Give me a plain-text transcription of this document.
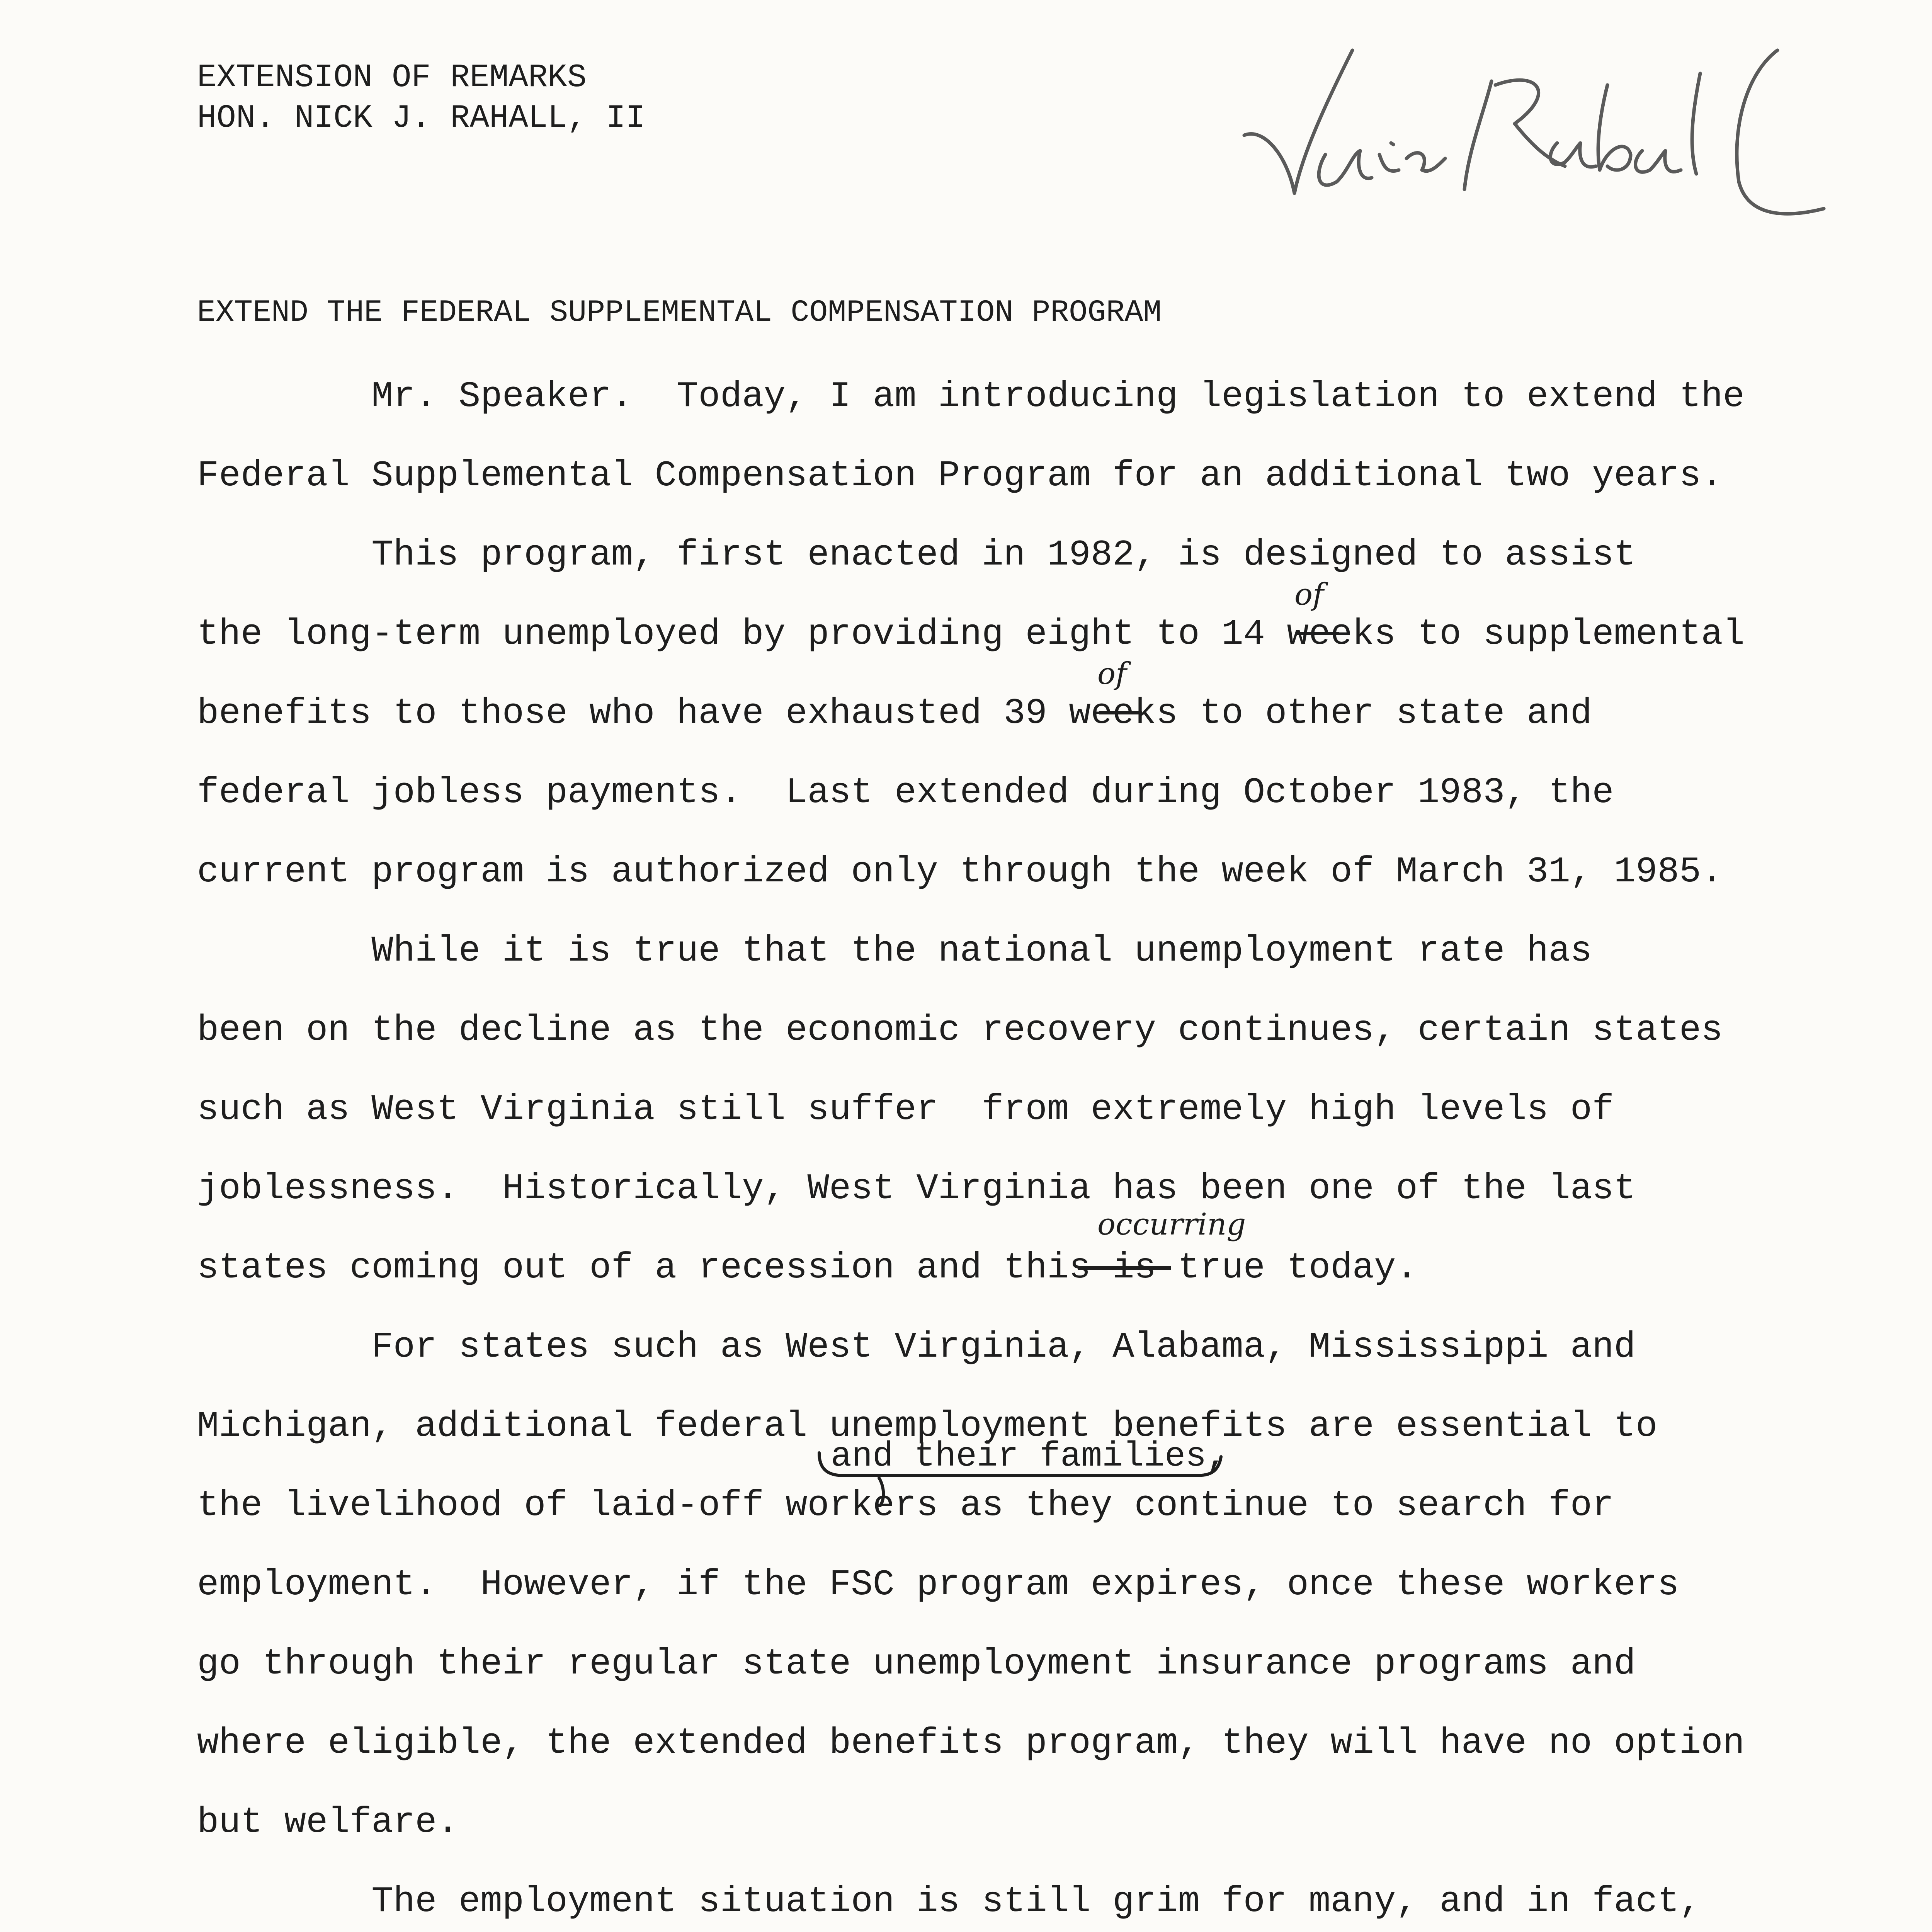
EXTENSION OF REMARKS
HON. NICK J. RAHALL, II
EXTEND THE FEDERAL SUPPLEMENTAL COMPENSATION PROGRAM
Mr. Speaker.  Today, I am introducing legislation to extend the
Federal Supplemental Compensation Program for an additional two years.
This program, first enacted in 1982, is designed to assist
the long-term unemployed by providing eight to 14 weeks to supplemental
benefits to those who have exhausted 39 weeks to other state and
federal jobless payments.  Last extended during October 1983, the
current program is authorized only through the week of March 31, 1985.
While it is true that the national unemployment rate has
been on the decline as the economic recovery continues, certain states
such as West Virginia still suffer  from extremely high levels of
joblessness.  Historically, West Virginia has been one of the last
states coming out of a recession and this is true today.
For states such as West Virginia, Alabama, Mississippi and
Michigan, additional federal unemployment benefits are essential to
the livelihood of laid-off workers as they continue to search for
employment.  However, if the FSC program expires, once these workers
go through their regular state unemployment insurance programs and
where eligible, the extended benefits program, they will have no option
but welfare.
The employment situation is still grim for many, and in fact,
of
of
occurring
and their families,
